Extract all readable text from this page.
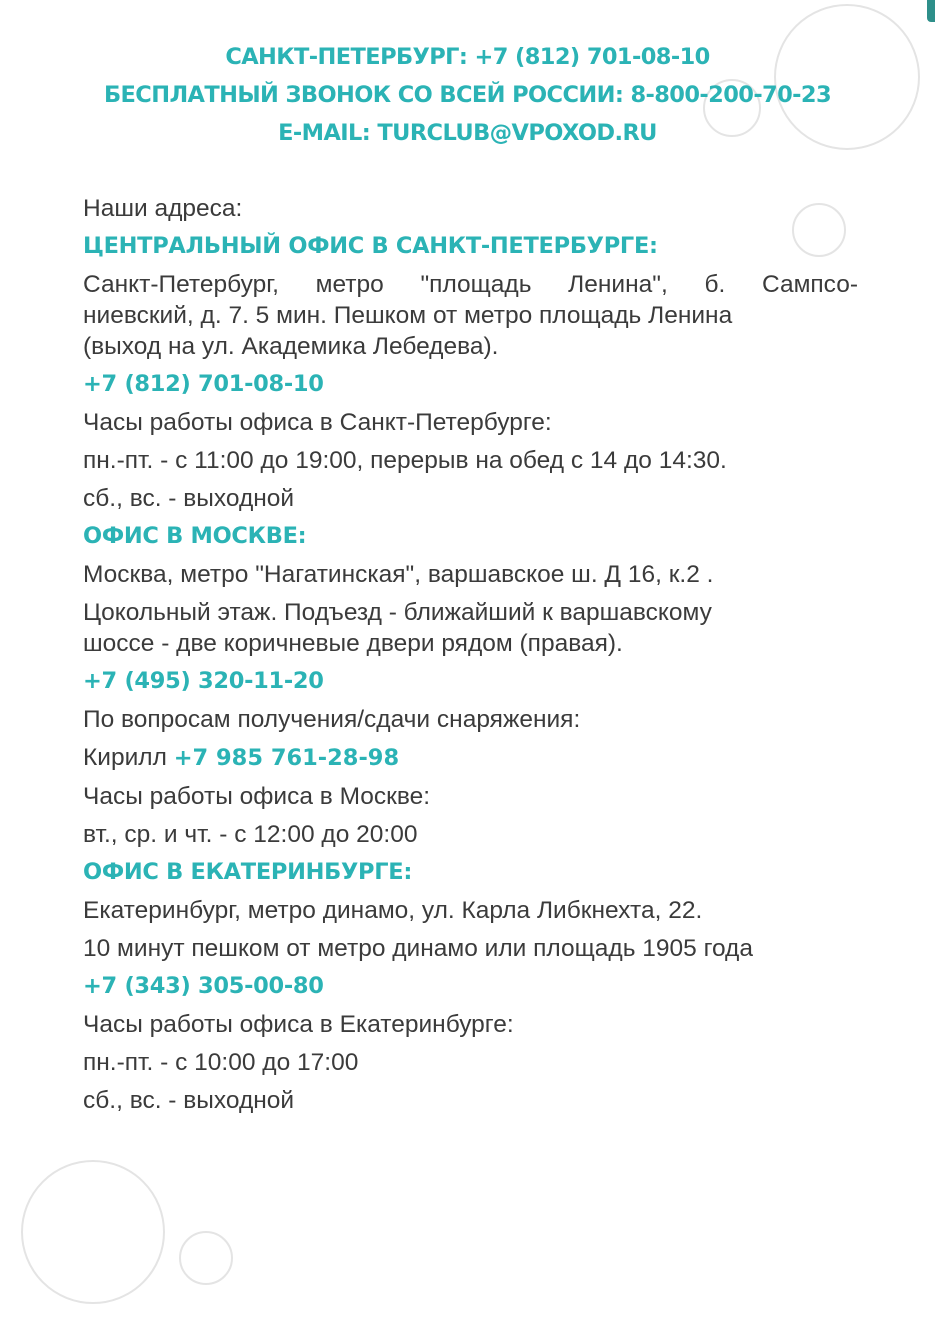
САНКТ-ПЕТЕРБУРГ: +7 (812) 701-08-10
БЕСПЛАТНЫЙ ЗВОНОК СО ВСЕЙ РОССИИ: 8-800-200-70-23
E-MAIL: TURCLUB@VPOXOD.RU

Наши адреса:

ЦЕНТРАЛЬНЫЙ ОФИС В САНКТ-ПЕТЕРБУРГЕ:

Санкт-Петербург, метро "площадь Ленина", б. Сампсо-

ниевский, д. 7. 5 мин. Пешком от метро площадь Ленина

(выход на ул. Академика Лебедева).

+7 (812) 701-08-10

Часы работы офиса в Санкт-Петербурге:

пн.-пт. - с 11:00 до 19:00, перерыв на обед с 14 до 14:30.

сб., вс. - выходной

ОФИС В МОСКВЕ:

Москва, метро "Нагатинская", варшавское ш. Д 16, к.2 .

Цокольный этаж. Подъезд - ближайший к варшавскому

шоссе - две коричневые двери рядом (правая).

+7 (495) 320-11-20

По вопросам получения/сдачи снаряжения:

Кирилл +7 985 761-28-98

Часы работы офиса в Москве:

вт., ср. и чт. - с 12:00 до 20:00

ОФИС В ЕКАТЕРИНБУРГЕ:

Екатеринбург, метро динамо, ул. Карла Либкнехта, 22.

10 минут пешком от метро динамо или площадь 1905 года

+7 (343) 305-00-80

Часы работы офиса в Екатеринбурге:

пн.-пт. - с 10:00 до 17:00

сб., вс. - выходной
